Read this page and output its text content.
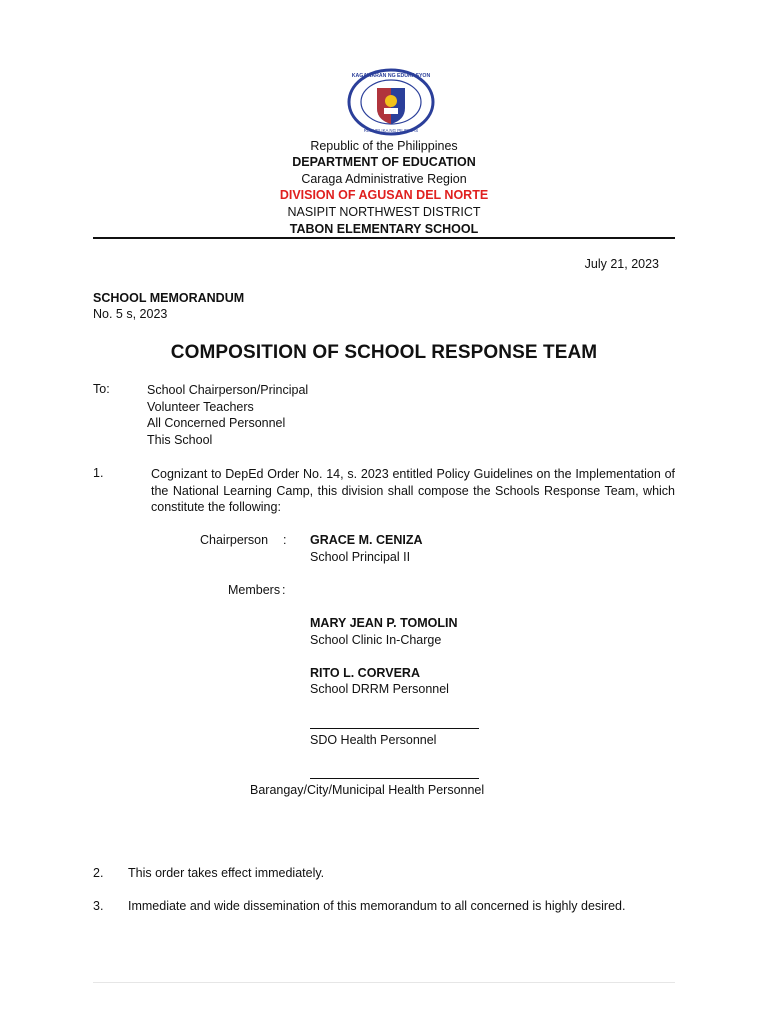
KAGAWARAN NG EDUKASYON
REPUBLIKA NG PILIPINAS
Republic of the Philippines
DEPARTMENT OF EDUCATION
Caraga Administrative Region
DIVISION OF AGUSAN DEL NORTE
NASIPIT NORTHWEST DISTRICT
TABON ELEMENTARY SCHOOL
July 21, 2023
SCHOOL MEMORANDUM
No. 5 s, 2023
COMPOSITION OF SCHOOL RESPONSE TEAM
To:	School Chairperson/Principal
Volunteer Teachers
All Concerned Personnel
This School
1.	Cognizant to DepEd Order No. 14, s. 2023 entitled Policy Guidelines on the Implementation of the National Learning Camp, this division shall compose the Schools Response Team, which constitute the following:
Chairperson : GRACE M. CENIZA
School Principal II
Members :
MARY JEAN P. TOMOLIN
School Clinic In-Charge
RITO L. CORVERA
School DRRM Personnel
SDO Health Personnel
Barangay/City/Municipal Health Personnel
2. This order takes effect immediately.
3. Immediate and wide dissemination of this memorandum to all concerned is highly desired.
